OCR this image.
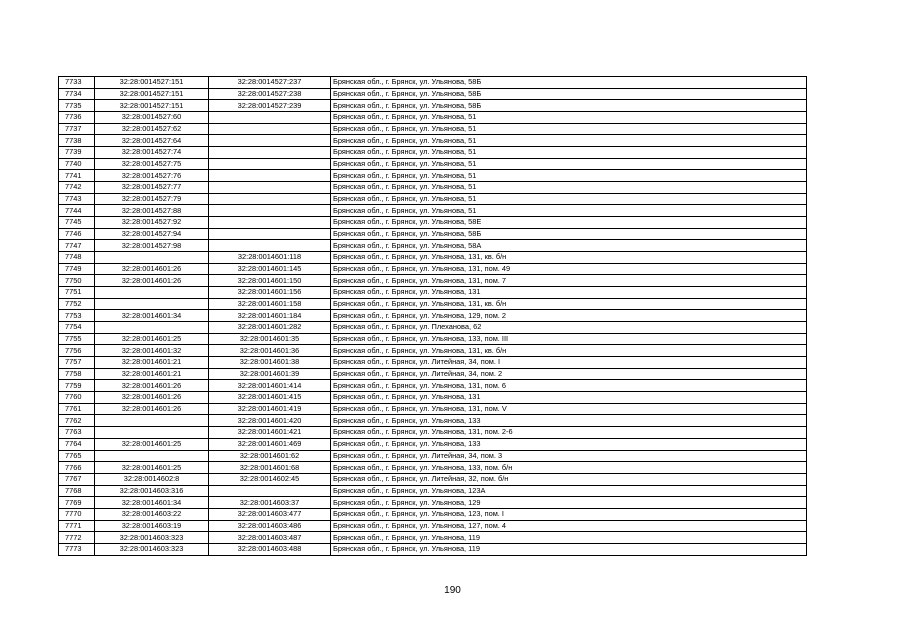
7733	32:28:0014527:151	32:28:0014527:237	Брянская обл., г. Брянск, ул. Ульянова, 58Б
7734	32:28:0014527:151	32:28:0014527:238	Брянская обл., г. Брянск, ул. Ульянова, 58Б
7735	32:28:0014527:151	32:28:0014527:239	Брянская обл., г. Брянск, ул. Ульянова, 58Б
7736	32:28:0014527:60		Брянская обл., г. Брянск, ул. Ульянова, 51
7737	32:28:0014527:62		Брянская обл., г. Брянск, ул. Ульянова, 51
7738	32:28:0014527:64		Брянская обл., г. Брянск, ул. Ульянова, 51
7739	32:28:0014527:74		Брянская обл., г. Брянск, ул. Ульянова, 51
7740	32:28:0014527:75		Брянская обл., г. Брянск, ул. Ульянова, 51
7741	32:28:0014527:76		Брянская обл., г. Брянск, ул. Ульянова, 51
7742	32:28:0014527:77		Брянская обл., г. Брянск, ул. Ульянова, 51
7743	32:28:0014527:79		Брянская обл., г. Брянск, ул. Ульянова, 51
7744	32:28:0014527:88		Брянская обл., г. Брянск, ул. Ульянова, 51
7745	32:28:0014527:92		Брянская обл., г. Брянск, ул. Ульянова, 58Е
7746	32:28:0014527:94		Брянская обл., г. Брянск, ул. Ульянова, 58Б
7747	32:28:0014527:98		Брянская обл., г. Брянск, ул. Ульянова, 58А
7748		32:28:0014601:118	Брянская обл., г. Брянск, ул. Ульянова, 131, кв. б/н
7749	32:28:0014601:26	32:28:0014601:145	Брянская обл., г. Брянск, ул. Ульянова, 131, пом. 49
7750	32:28:0014601:26	32:28:0014601:150	Брянская обл., г. Брянск, ул. Ульянова, 131, пом. 7
7751		32:28:0014601:156	Брянская обл., г. Брянск, ул. Ульянова, 131
7752		32:28:0014601:158	Брянская обл., г. Брянск, ул. Ульянова, 131, кв. б/н
7753	32:28:0014601:34	32:28:0014601:184	Брянская обл., г. Брянск, ул. Ульянова, 129, пом. 2
7754		32:28:0014601:282	Брянская обл., г. Брянск, ул. Плеханова, 62
7755	32:28:0014601:25	32:28:0014601:35	Брянская обл., г. Брянск, ул. Ульянова, 133, пом. III
7756	32:28:0014601:32	32:28:0014601:36	Брянская обл., г. Брянск, ул. Ульянова, 131, кв. б/н
7757	32:28:0014601:21	32:28:0014601:38	Брянская обл., г. Брянск, ул. Литейная, 34, пом. I
7758	32:28:0014601:21	32:28:0014601:39	Брянская обл., г. Брянск, ул. Литейная, 34, пом. 2
7759	32:28:0014601:26	32:28:0014601:414	Брянская обл., г. Брянск, ул. Ульянова, 131, пом. 6
7760	32:28:0014601:26	32:28:0014601:415	Брянская обл., г. Брянск, ул. Ульянова, 131
7761	32:28:0014601:26	32:28:0014601:419	Брянская обл., г. Брянск, ул. Ульянова, 131, пом. V
7762		32:28:0014601:420	Брянская обл., г. Брянск, ул. Ульянова, 133
7763		32:28:0014601:421	Брянская обл., г. Брянск, ул. Ульянова, 131, пом. 2-6
7764	32:28:0014601:25	32:28:0014601:469	Брянская обл., г. Брянск, ул. Ульянова, 133
7765		32:28:0014601:62	Брянская обл., г. Брянск, ул. Литейная, 34, пом. 3
7766	32:28:0014601:25	32:28:0014601:68	Брянская обл., г. Брянск, ул. Ульянова, 133, пом. б/н
7767	32:28:0014602:8	32:28:0014602:45	Брянская обл., г. Брянск, ул. Литейная, 32, пом. б/н
7768	32:28:0014603:316		Брянская обл., г. Брянск, ул. Ульянова, 123А
7769	32:28:0014601:34	32:28:0014603:37	Брянская обл., г. Брянск, ул. Ульянова, 129
7770	32:28:0014603:22	32:28:0014603:477	Брянская обл., г. Брянск, ул. Ульянова, 123, пом. I
7771	32:28:0014603:19	32:28:0014603:486	Брянская обл., г. Брянск, ул. Ульянова, 127, пом. 4
7772	32:28:0014603:323	32:28:0014603:487	Брянская обл., г. Брянск, ул. Ульянова, 119
7773	32:28:0014603:323	32:28:0014603:488	Брянская обл., г. Брянск, ул. Ульянова, 119
190
